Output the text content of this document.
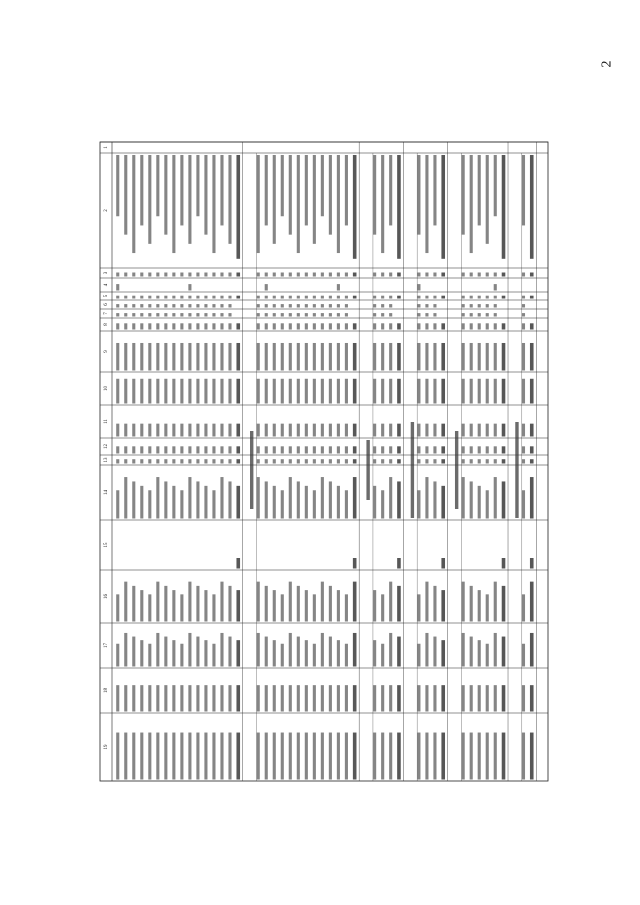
2
1
2
3
4
5
6
7
8
9
10
11
12
13
14
15
16
17
18
19
